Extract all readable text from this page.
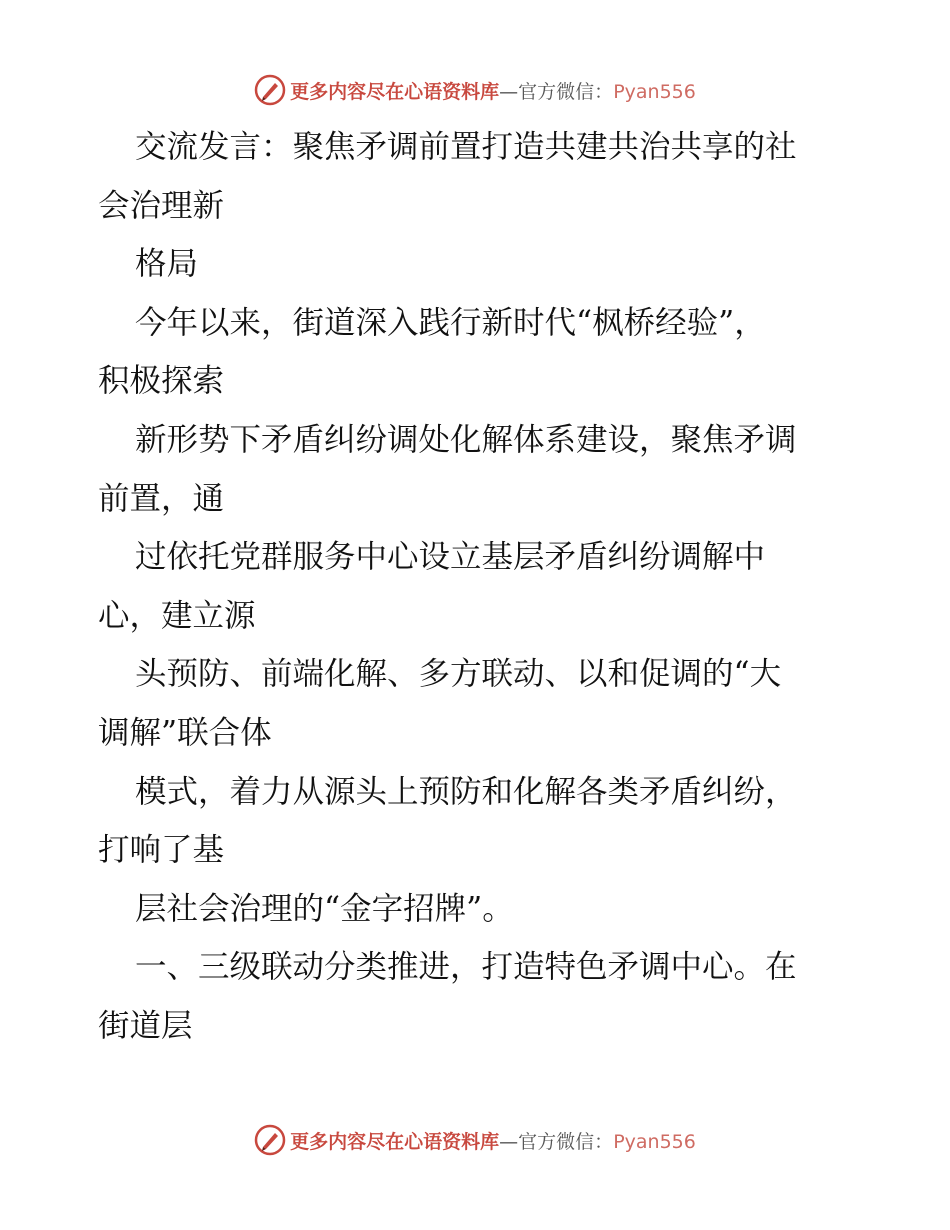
更多内容尽在心语资料库—官方微信：Pyan556
交流发言：聚焦矛调前置打造共建共治共享的社
会治理新
格局
今年以来，街道深入践行新时代“枫桥经验”，
积极探索
新形势下矛盾纠纷调处化解体系建设，聚焦矛调
前置，通
过依托党群服务中心设立基层矛盾纠纷调解中
心，建立源
头预防、前端化解、多方联动、以和促调的“大
调解”联合体
模式，着力从源头上预防和化解各类矛盾纠纷，
打响了基
层社会治理的“金字招牌”。
一、三级联动分类推进，打造特色矛调中心。在
街道层
更多内容尽在心语资料库—官方微信：Pyan556
